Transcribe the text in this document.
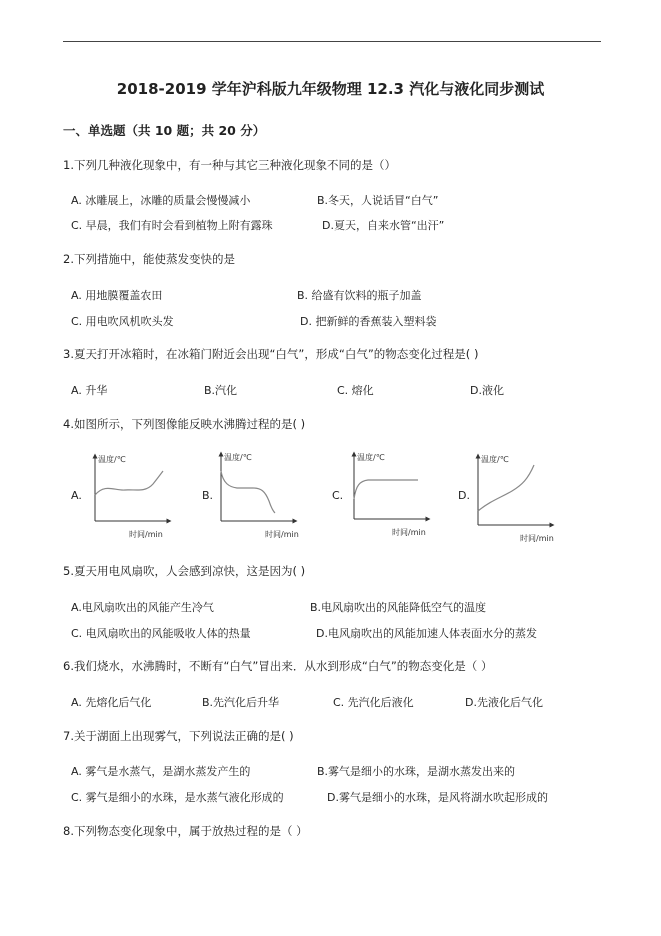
2018-2019 学年沪科版九年级物理 12.3 汽化与液化同步测试
一、单选题（共 10 题；共 20 分）
1.下列几种液化现象中，有一种与其它三种液化现象不同的是（）
A. 冰雕展上，冰雕的质量会慢慢减小	B.冬天，人说话冒“白气”
C. 早晨，我们有时会看到植物上附有露珠	D.夏天，自来水管“出汗”
2.下列措施中，能使蒸发变快的是
A. 用地膜覆盖农田	B. 给盛有饮料的瓶子加盖
C. 用电吹风机吹头发	D. 把新鲜的香蕉装入塑料袋
3.夏天打开冰箱时，在冰箱门附近会出现“白气”，形成“白气”的物态变化过程是( )
A. 升华	B.汽化	C. 熔化	D.液化
4.如图所示，下列图像能反映水沸腾过程的是( )
A.
温度/℃
时间/min
B.
温度/℃
时间/min
C.
温度/℃
时间/min
D.
温度/℃
时间/min
5.夏天用电风扇吹，人会感到凉快，这是因为( )
A.电风扇吹出的风能产生冷气	B.电风扇吹出的风能降低空气的温度
C. 电风扇吹出的风能吸收人体的热量	D.电风扇吹出的风能加速人体表面水分的蒸发
6.我们烧水，水沸腾时，不断有“白气”冒出来．从水到形成“白气”的物态变化是（ ）
A. 先熔化后气化	B.先汽化后升华	C. 先汽化后液化	D.先液化后气化
7.关于湖面上出现雾气，下列说法正确的是( )
A. 雾气是水蒸气，是湖水蒸发产生的	B.雾气是细小的水珠，是湖水蒸发出来的
C. 雾气是细小的水珠，是水蒸气液化形成的	D.雾气是细小的水珠，是风将湖水吹起形成的
8.下列物态变化现象中，属于放热过程的是（ ）
